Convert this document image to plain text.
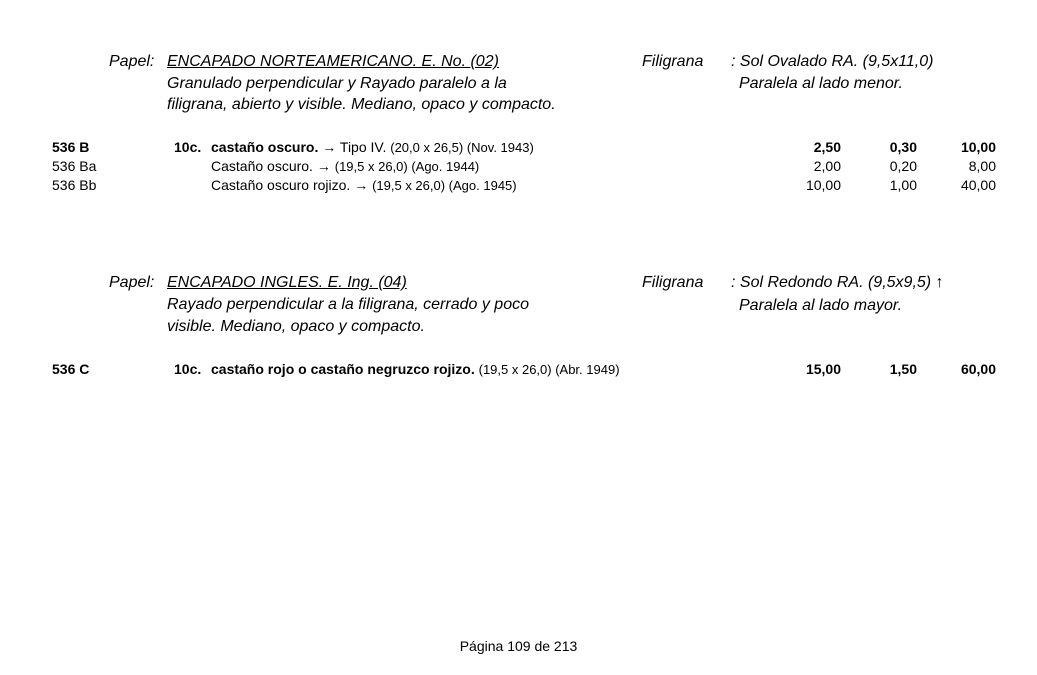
Papel: ENCAPADO NORTEAMERICANO. E. No. (02)
Granulado perpendicular y Rayado paralelo a la
filigrana, abierto y visible. Mediano, opaco y compacto.
Filigrana : Sol Ovalado RA. (9,5x11,0)
Paralela al lado menor.
536 B	10c. castaño oscuro. → Tipo IV. (20,0 x 26,5) (Nov. 1943)	2,50	0,30	10,00
536 Ba	Castaño oscuro. → (19,5 x 26,0) (Ago. 1944)	2,00	0,20	8,00
536 Bb	Castaño oscuro rojizo. → (19,5 x 26,0) (Ago. 1945)	10,00	1,00	40,00
Papel: ENCAPADO INGLES. E. Ing. (04)
Rayado perpendicular a la filigrana, cerrado y poco
visible. Mediano, opaco y compacto.
Filigrana : Sol Redondo RA. (9,5x9,5) ↑
Paralela al lado mayor.
536 C	10c. castaño rojo o castaño negruzco rojizo. (19,5 x 26,0) (Abr. 1949)	15,00	1,50	60,00
Página 109 de 213
